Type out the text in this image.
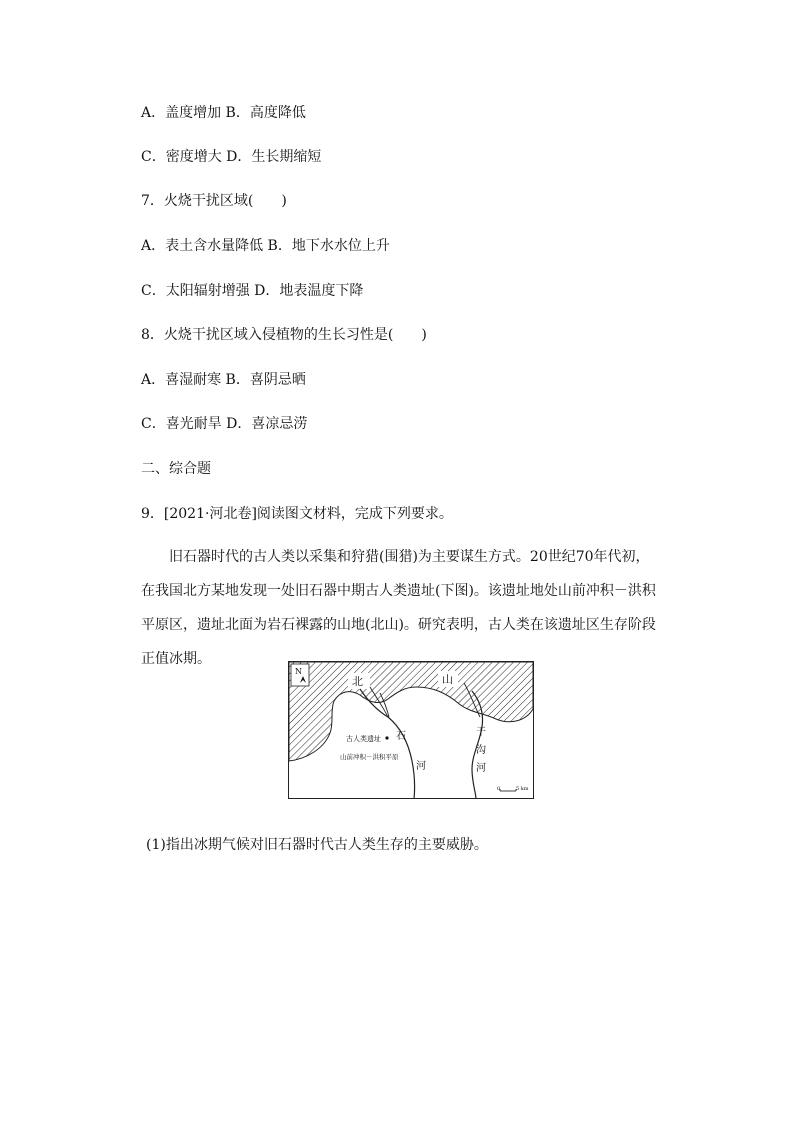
A．盖度增加 B．高度降低
C．密度增大 D．生长期缩短
7．火烧干扰区域(　　)
A．表土含水量降低 B．地下水水位上升
C．太阳辐射增强 D．地表温度下降
8．火烧干扰区域入侵植物的生长习性是(　　)
A．喜湿耐寒 B．喜阴忌晒
C．喜光耐旱 D．喜凉忌涝
二、综合题
9．[2021·河北卷]阅读图文材料，完成下列要求。
旧石器时代的古人类以采集和狩猎(围猎)为主要谋生方式。20世纪70年代初，在我国北方某地发现一处旧石器中期古人类遗址(下图)。该遗址地处山前冲积－洪积平原区，遗址北面为岩石裸露的山地(北山)。研究表明，古人类在该遗址区生存阶段正值冰期。
N
北	山
古人类遗址
山前冲积－洪积平原
石
河
干
沟
河
0	5 km
(1)指出冰期气候对旧石器时代古人类生存的主要威胁。
